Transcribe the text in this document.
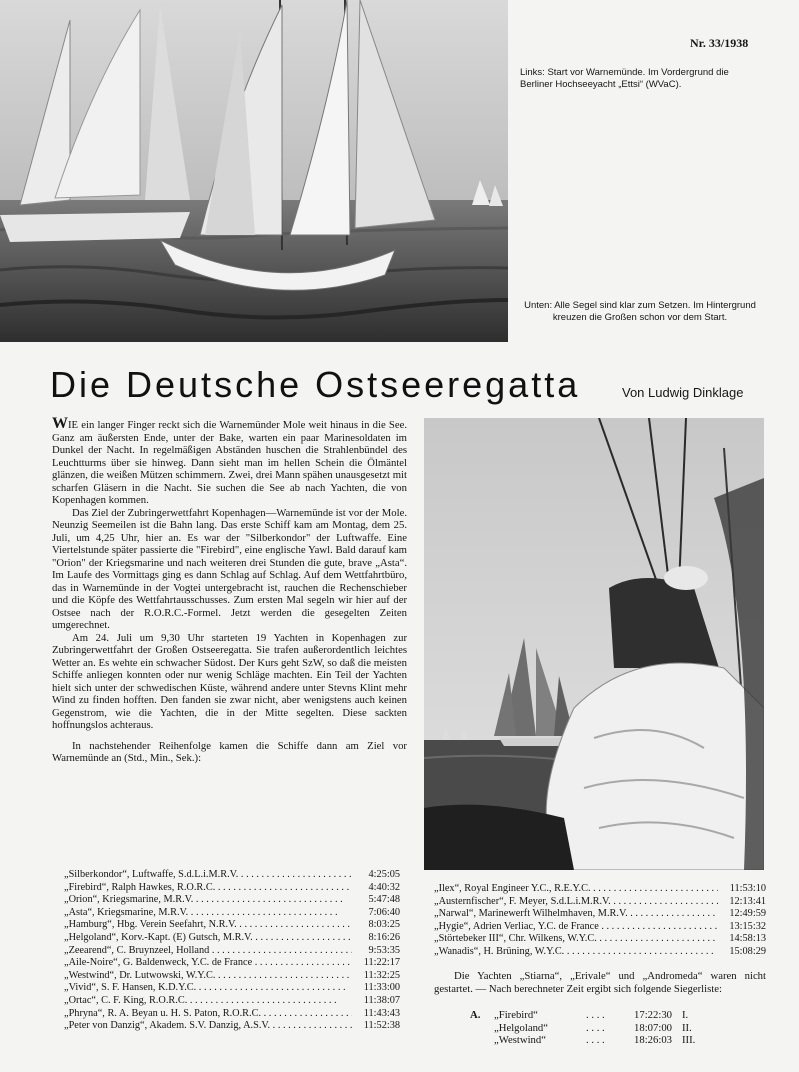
Nr. 33/1938
Links: Start vor Warnemünde. Im Vordergrund die Berliner Hochseeyacht „Ettsi“ (WVaC).
Unten: Alle Segel sind klar zum Setzen. Im Hintergrund kreuzen die Großen schon vor dem Start.
Die Deutsche Ostseeregatta	Von Ludwig Dinklage

WIE ein langer Finger reckt sich die Warnemünder Mole weit hinaus in die See. Ganz am äußersten Ende, unter der Bake, warten ein paar Marinesoldaten im Dunkel der Nacht. In regelmäßigen Abständen huschen die Strahlenbündel des Leuchtturms über sie hinweg. Dann sieht man im hellen Schein die Ölmäntel glänzen, die weißen Mützen schimmern. Zwei, drei Mann spähen unausgesetzt mit scharfen Gläsern in die Nacht. Sie suchen die See ab nach Yachten, die von Kopenhagen kommen.

Das Ziel der Zubringerwettfahrt Kopenhagen—Warnemünde ist vor der Mole. Neunzig Seemeilen ist die Bahn lang. Das erste Schiff kam am Montag, dem 25. Juli, um 4,25 Uhr, hier an. Es war der "Silberkondor" der Luftwaffe. Eine Viertelstunde später passierte die "Firebird", eine englische Yawl. Bald darauf kam "Orion" der Kriegsmarine und nach weiteren drei Stunden die gute, brave „Asta“. Im Laufe des Vormittags ging es dann Schlag auf Schlag. Auf dem Wettfahrtbüro, das in Warnemünde in der Vogtei untergebracht ist, rauchen die Rechenschieber und die Köpfe des Wettfahrtausschusses. Zum ersten Mal segeln wir hier auf der Ostsee nach der R.O.R.C.-Formel. Jetzt werden die gesegelten Zeiten umgerechnet.

Am 24. Juli um 9,30 Uhr starteten 19 Yachten in Kopenhagen zur Zubringerwettfahrt der Großen Ostseeregatta. Sie trafen außerordentlich leichtes Wetter an. Es wehte ein schwacher Südost. Der Kurs geht SzW, so daß die meisten Schiffe anliegen konnten oder nur wenig Schläge machten. Ein Teil der Yachten hielt sich unter der schwedischen Küste, während andere unter Stevns Klint mehr Wind zu finden hofften. Den fanden sie zwar nicht, aber wenigstens auch keinen Gegenstrom, wie die Yachten, die in der Mitte segelten. Diese sackten hoffnungslos achteraus.

In nachstehender Reihenfolge kamen die Schiffe dann am Ziel vor Warnemünde an (Std., Min., Sek.):

„Silberkondor“, Luftwaffe, S.d.L.i.M.R.V. . . .	4:25:05
„Firebird“, Ralph Hawkes, R.O.R.C. . . .	4:40:32
„Orion“, Kriegsmarine, M.R.V. . . .	5:47:48
„Asta“, Kriegsmarine, M.R.V. . . .	7:06:40
„Hamburg“, Hbg. Verein Seefahrt, N.R.V. . . .	8:03:25
„Helgoland“, Korv.-Kapt. (E) Gutsch, M.R.V. . . .	8:16:26
„Zeearend“, C. Bruynzeel, Holland . . .	9:53:35
„Aile-Noire“, G. Baldenweck, Y.C. de France . . .	11:22:17
„Westwind“, Dr. Lutwowski, W.Y.C. . . .	11:32:25
„Vivid“, S. F. Hansen, K.D.Y.C. . . .	11:33:00
„Ortac“, C. F. King, R.O.R.C. . . .	11:38:07
„Phryna“, R. A. Beyan u. H. S. Paton, R.O.R.C. . . .	11:43:43
„Peter von Danzig“, Akadem. S.V. Danzig, A.S.V. . . .	11:52:38
„Ilex“, Royal Engineer Y.C., R.E.Y.C. . . .	11:53:10
„Austernfischer“, F. Meyer, S.d.L.i.M.R.V. . . .	12:13:41
„Narwal“, Marinewerft Wilhelmhaven, M.R.V. . . .	12:49:59
„Hygie“, Adrien Verliac, Y.C. de France . . .	13:15:32
„Störtebeker III“, Chr. Wilkens, W.Y.C. . . .	14:58:13
„Wanadis“, H. Brüning, W.Y.C. . . .	15:08:29

Die Yachten „Stiarna“, „Erivale“ und „Andromeda“ waren nicht gestartet. — Nach berechneter Zeit ergibt sich folgende Siegerliste:

A.	„Firebird“	. . . .	17:22:30 I.
„Helgoland“	. . . .	18:07:00 II.
„Westwind“	. . . .	18:26:03 III.
